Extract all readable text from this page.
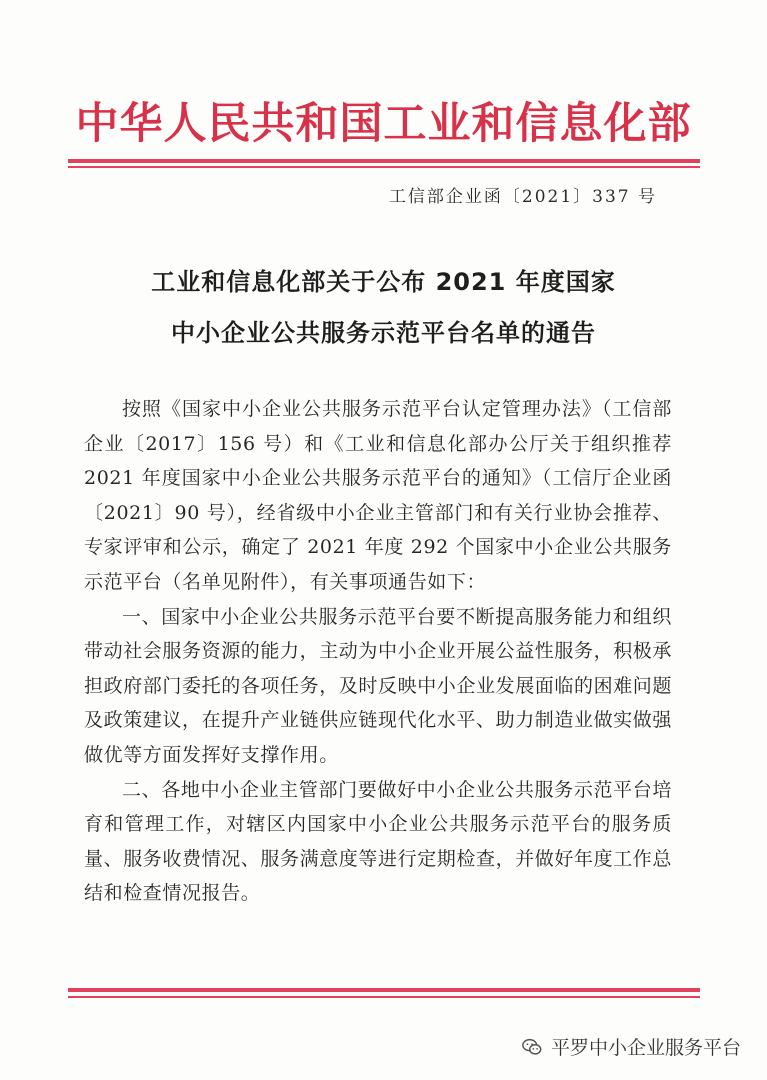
中华人民共和国工业和信息化部
工信部企业函〔2021〕337 号
工业和信息化部关于公布 2021 年度国家
中小企业公共服务示范平台名单的通告

按照《国家中小企业公共服务示范平台认定管理办法》（工信部企业〔2017〕156 号）和《工业和信息化部办公厅关于组织推荐 2021 年度国家中小企业公共服务示范平台的通知》（工信厅企业函〔2021〕90 号），经省级中小企业主管部门和有关行业协会推荐、专家评审和公示，确定了 2021 年度 292 个国家中小企业公共服务示范平台（名单见附件），有关事项通告如下：

一、国家中小企业公共服务示范平台要不断提高服务能力和组织带动社会服务资源的能力，主动为中小企业开展公益性服务，积极承担政府部门委托的各项任务，及时反映中小企业发展面临的困难问题及政策建议，在提升产业链供应链现代化水平、助力制造业做实做强做优等方面发挥好支撑作用。

二、各地中小企业主管部门要做好中小企业公共服务示范平台培育和管理工作，对辖区内国家中小企业公共服务示范平台的服务质量、服务收费情况、服务满意度等进行定期检查，并做好年度工作总结和检查情况报告。

平罗中小企业服务平台
